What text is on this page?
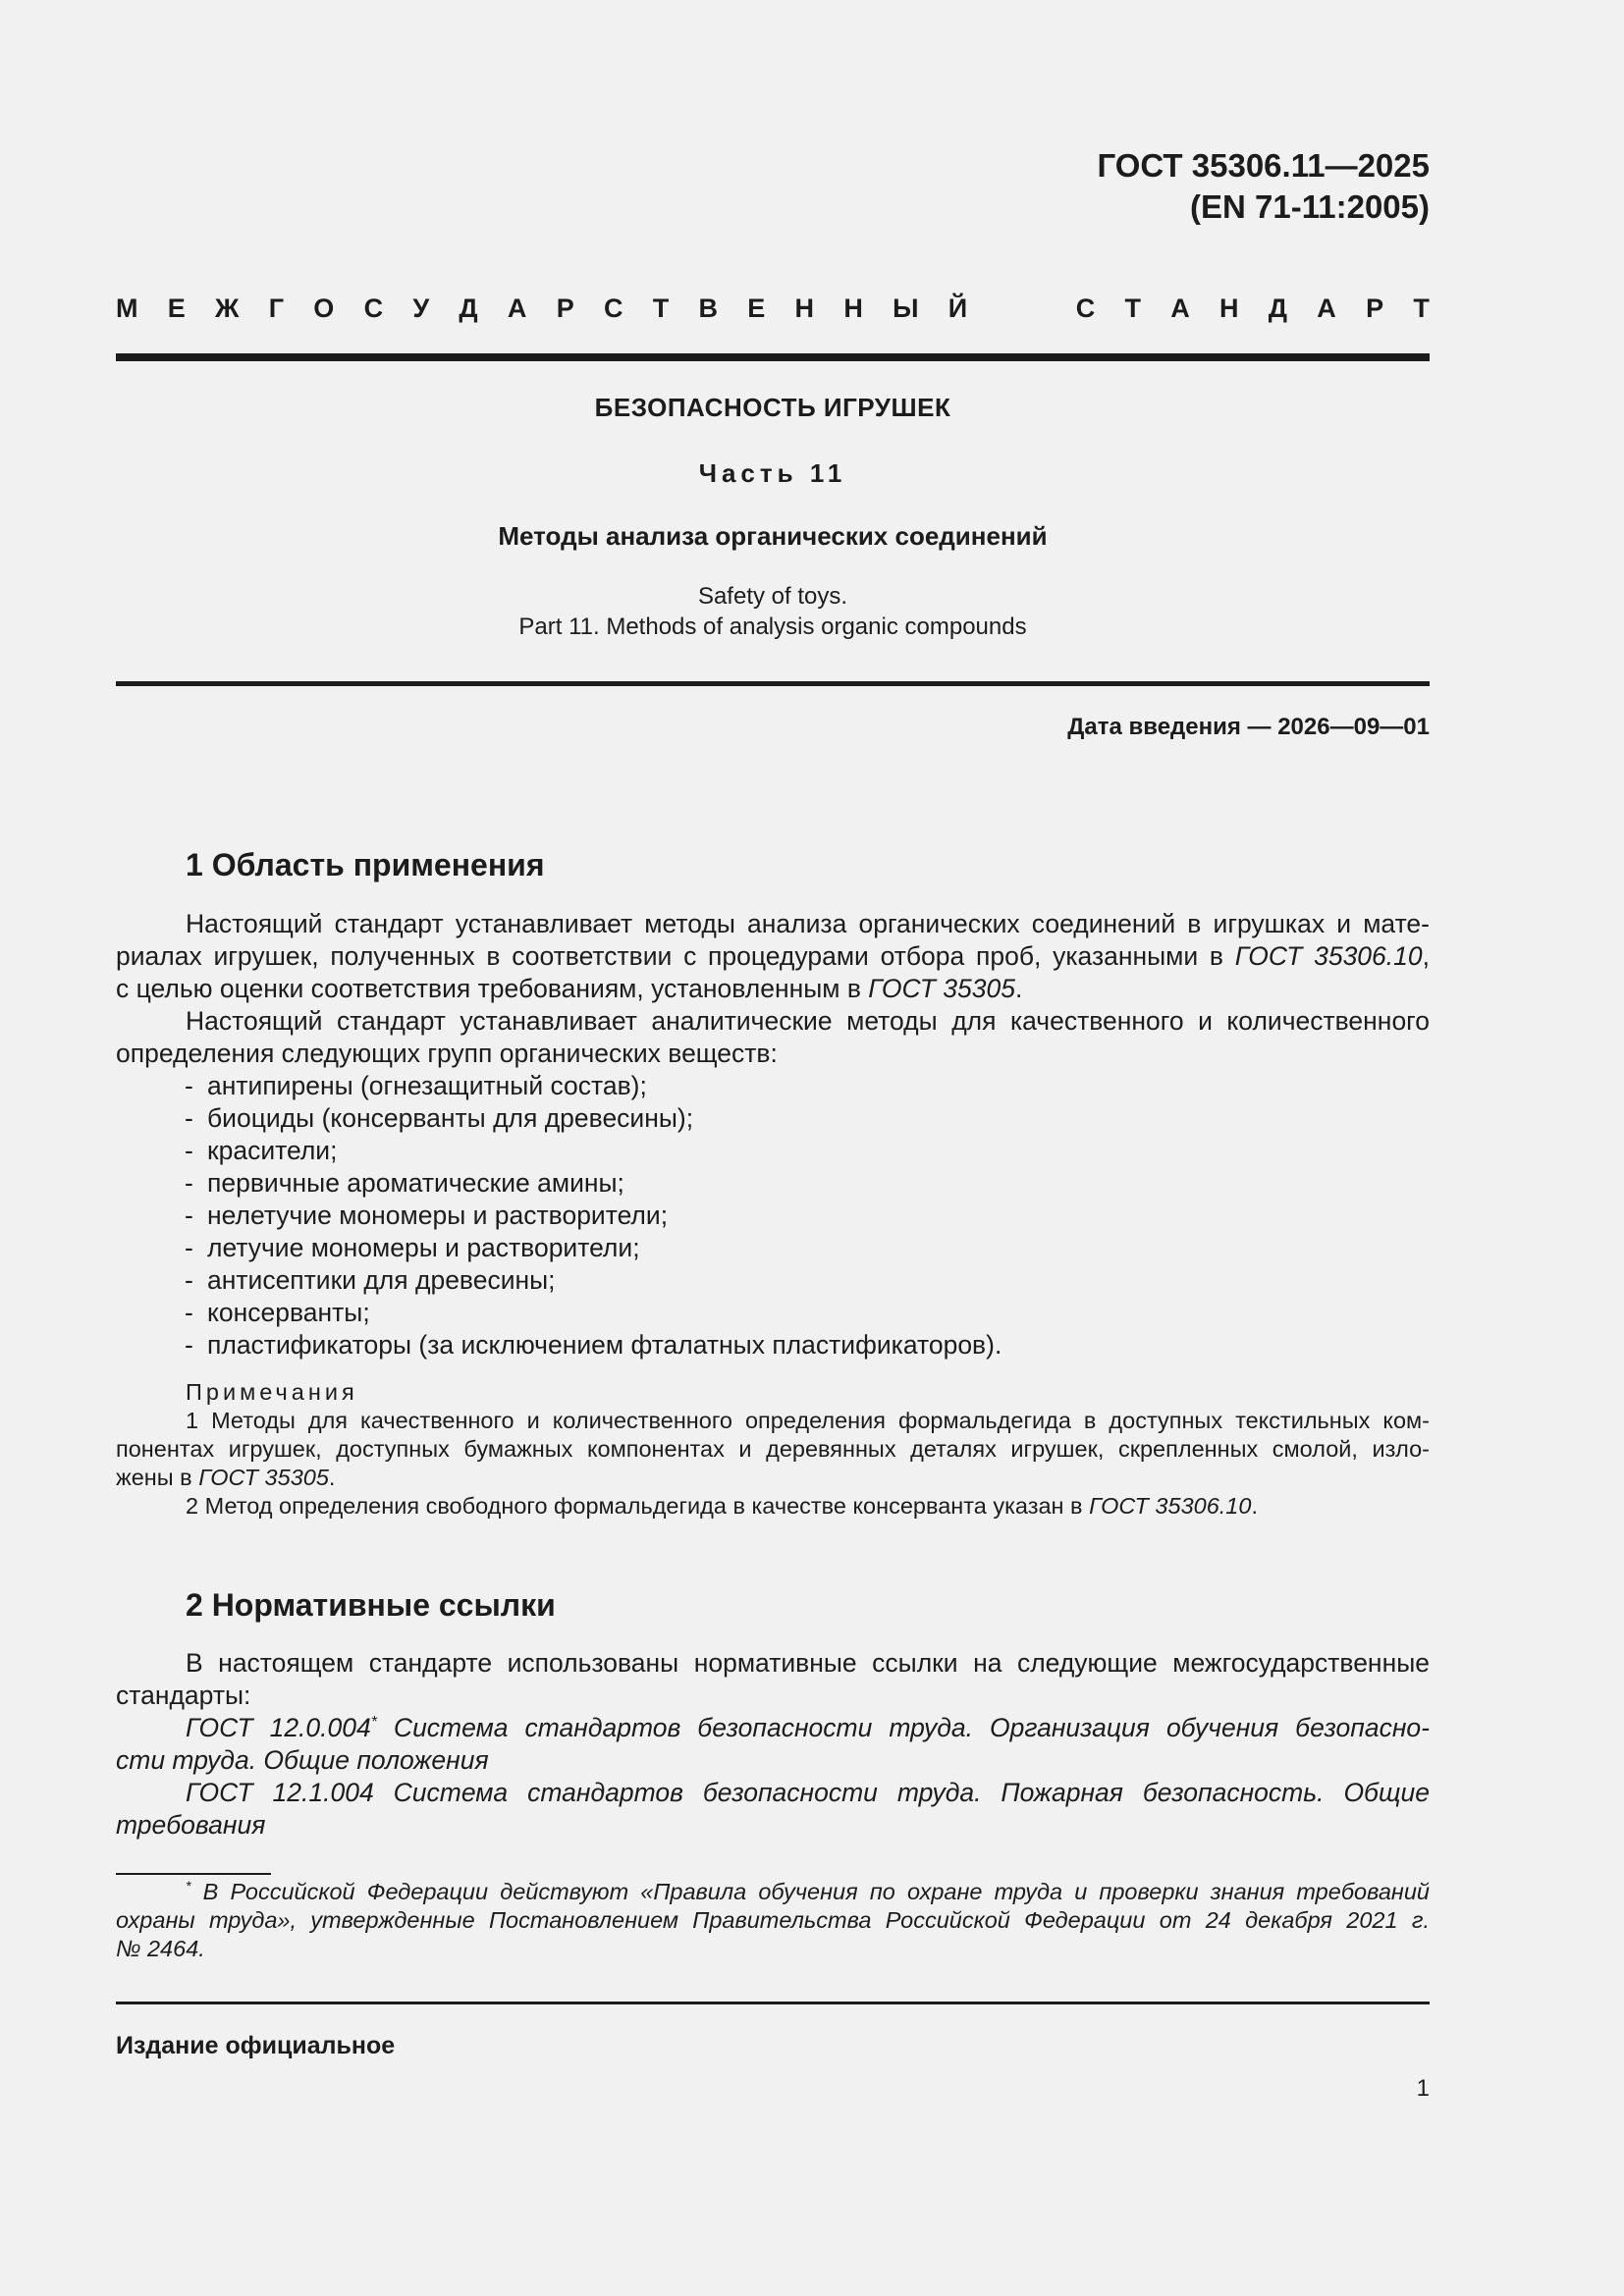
ГОСТ 35306.11—2025
(EN 71-11:2005)
М Е Ж Г О С У Д А Р С Т В Е Н Н Ы Й	С Т А Н Д А Р Т
БЕЗОПАСНОСТЬ ИГРУШЕК
Часть 11
Методы анализа органических соединений
Safety of toys.
Part 11. Methods of analysis organic compounds
Дата введения — 2026—09—01
1 Область применения

Настоящий стандарт устанавливает методы анализа органических соединений в игрушках и мате-

риалах игрушек, полученных в соответствии с процедурами отбора проб, указанными в ГОСТ 35306.10,

с целью оценки соответствия требованиям, установленным в ГОСТ 35305.

Настоящий стандарт устанавливает аналитические методы для качественного и количественного

определения следующих групп органических веществ:

- антипирены (огнезащитный состав);
- биоциды (консерванты для древесины);
- красители;
- первичные ароматические амины;
- нелетучие мономеры и растворители;
- летучие мономеры и растворители;
- антисептики для древесины;
- консерванты;
- пластификаторы (за исключением фталатных пластификаторов).
Примечания

1 Методы для качественного и количественного определения формальдегида в доступных текстильных ком-

понентах игрушек, доступных бумажных компонентах и деревянных деталях игрушек, скрепленных смолой, изло-

жены в ГОСТ 35305.

2 Метод определения свободного формальдегида в качестве консерванта указан в ГОСТ 35306.10.

2 Нормативные ссылки

В настоящем стандарте использованы нормативные ссылки на следующие межгосударственные

стандарты:

ГОСТ 12.0.004* Система стандартов безопасности труда. Организация обучения безопасно-

сти труда. Общие положения

ГОСТ 12.1.004 Система стандартов безопасности труда. Пожарная безопасность. Общие

требования

* В Российской Федерации действуют «Правила обучения по охране труда и проверки знания требований

охраны труда», утвержденные Постановлением Правительства Российской Федерации от 24 декабря 2021 г.

№ 2464.

Издание официальное
1
